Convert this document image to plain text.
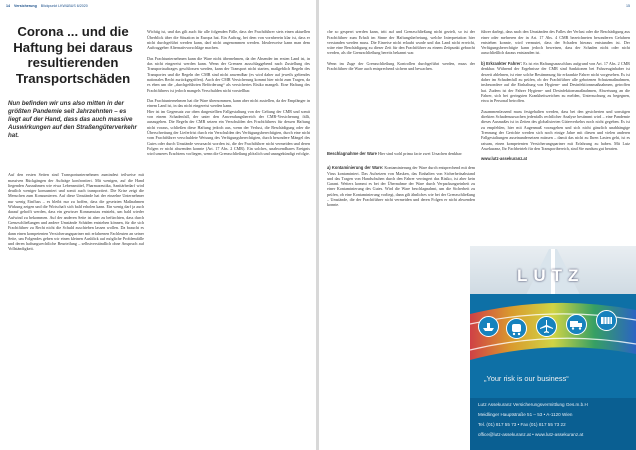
14 Versicherung Blickpunkt LKW&BUS 6/2020
Corona ... und die Haftung bei daraus resultierenden Transportschäden
Nun befinden wir uns also mitten in der größten Pandemie seit Jahrzehnten – es liegt auf der Hand, dass das auch massive Auswirkungen auf den Straßengüterverkehr hat.

Auf den ersten Seiten sind Transportunternehmen zumindest teilweise mit massiven Rückgängen der Aufträge konfrontiert. Mit wenigen, auf die Hand liegenden Ausnahmen wie etwa Lebensmittel, Pharmazeutika, Sanitärbedarf wird deutlich weniger konsumiert und somit auch transportiert. Die Krise zeigt die Menschen zum Konsumieren. Auf diese Umstände hat der einzelne Unternehmer nur wenig Einfluss – es bleibt nur zu hoffen, dass die gesetzten Maßnahmen Wirkung zeigen und die Wirtschaft sich bald erholen kann. Ein wenig darf ja auch darauf gehofft werden, dass ein gewisser Konsumstau entsteht, um bald wieder Aufwind zu bekommen. Auf der anderen Seite ist aber zu befürchten, dass durch Grenzschließungen und andere Umstände Schäden entstehen können, für die sich Frachtführer zu Recht nicht die Schuld zuschieben lassen wollen. Da braucht es dann einen kompetenten Versicherungspartner mit erfahrenen Fachleuten an seiner Seite, um Folgendes geben wir einen kleinen Ausblick auf mögliche Problemfälle und deren haftungsrechtliche Beurteilung – selbstverständlich ohne Anspruch auf Vollständigkeit.

Wichtig ist, und das gilt auch für alle folgenden Fälle, dass der Frachtführer stets einen aktuellen Überblick über die Situation in Europa hat. Ein Auftrag, bei dem von vornherein klar ist, dass er nicht durchgeführt werden kann, darf nicht angenommen werden. Idealerweise kann man dem Auftraggeber Alternativvorschläge machen.

Das Frachtunternehmen kann die Ware nicht übernehmen, da der Absender im ersten Land ist, in das nicht eingereist werden kann. Wenn der Grenzen ausschlaggebend nach Zustellung des Transportauftrages geschlossen werden, kann der Transport nicht starten, maßgeblich Regeln des Transportes und die Regeln der CMR sind nicht anwendbar (es wird daher auf jeweils geltendes nationales Recht zurückgegriffen). Auch der CMR Versicherung kommt hier nicht zum Tragen, da es eben um die „durchgeführten Beförderung“ als versichertes Risiko mangelt. Eine Haftung des Frachtführers ist jedoch mangels Verschulden nicht vorstellbar.

Das Frachtunternehmen hat die Ware übernommen, kann aber nicht zustellen, da der Empfänger in einem Land ist, in das nicht eingereist werden kann.
Hier ist im Gegensatz zur oben dargestellten Fallgestaltung von der Geltung der CMR und somit von einem Schadenfall, der unter den Anwendungsbereich der CMR-Versicherung fällt, auszugehen. Die Regeln der CMR setzen ein Verschulden des Frachtführers für dessen Haftung nicht voraus, schließen diese Haftung jedoch aus, wenn der Verlust, die Beschädigung oder die Überschreitung der Lieferfrist durch ein Verschulden des Verfügungsberechtigten, durch eine nicht vom Frachtführer verschuldete Weisung des Verfügungsberechtigten, durch besondere Mängel des Gutes oder durch Umstände verursacht worden ist, die der Frachtführer nicht vermeiden und deren Folgen er nicht abwenden konnte (Art. 17 Abs. 2 CMR). Ein solches, unabwendbares Ereignis wird unseres Erachtens vorliegen, wenn die Grenzschließung plötzlich und unangekündigt erfolgte.

15

che so gesperrt werden kann, tritt auf und Grenzschließung nicht gezielt, so ist der Frachtführer zum Erhalt im Sinne der Haftungsbefreiung, welche Interpretation hier verstanden werden muss. Die Einreise nicht erlaubt wurde und das Land nicht erreicht, wäre eine Beschädigung zu dieser Zeit für den Frachtführer zu einem Zeitpunkt gebracht werden, als die Grenzschließung bereits bekannt war.

Wenn im Zuge der Grenzschließung Kontrollen durchgeführt werden, muss der Frachtführer die Ware auch entsprechend sichern und bewachen.

Beschlagnahme der Ware Hier sind wohl prima facie zwei Ursachen denkbar:

a) Kontaminierung der Ware: Kontaminierung der Ware durch entsprechend mit dem Virus kontaminiert. Das Aufsetzen von Masken, das Einhalten von Sicherheitsabstand und das Tragen von Handschuhen durch den Fahrer verringert das Risiko, ist aber kein Garant. Weiters kommt es bei der Übernahme der Ware durch Verpackungseinheit zu einer Kontaminierung des Gutes. Wird die Ware beschlagnahmt, um die Sicherheit zu prüfen, ob eine Kontaminierung vorliegt, dann gilt ähnliches wie bei der Grenzschließung – Umstände, die der Frachtführer nicht vermeiden und deren Folgen er nicht abwenden konnte.

führer darlegt, dass nach den Umständen des Falles der Verlust oder die Beschädigung aus einer oder mehreren der in Art. 17 Abs. 4 CMR bezeichneten besonderen Gefahren entstehen konnte, wird vermutet, dass der Schaden hieraus entstanden ist. Der Verfügungsberechtigte kann jedoch beweisen, dass der Schaden nicht oder nicht ausschließlich daraus entstanden ist.

b) Erkrankter Fahrer: Es ist ein Haftungsausschluss aufgrund von Art. 17 Abs. 2 CMR denkbar. Während der Ergebnisse der CMR sind Sanktionen bei Fahrzeuginhaber ist derzeit ablehnen, ist eine solche Bestimmung für erkrankte Fahrer nicht vorgesehen. Es ist daher im Schadenfall zu prüfen, ob der Frachtführer alle gebotenen Schutzmaßnahmen, insbesondere auf die Einhaltung von Hygiene- und Desinfektionsmaßnahmen, getroffen hat. Zudem ist der Fahrer Hygiene- und Desinfektionsmaßnahmen, Abweisung an die Fahrer, sich bei geringsten Krankheitszeichen zu melden, Untersuchung zu begegnen, etwa in Personal betroffen.

Zusammenfassend muss festgehalten werden, dass bei den gesicherten und sonstigen direkten Schadensursachen jedenfalls rechtlicher Analyse bestimmt wird – eine Pandemie dieses Ausmaßes ist in Zeiten des globalisierten Güterverkehrs noch nicht gegeben. Es ist zu empfehlen, hier mit Augenmaß vorzugehen und sich nicht gänzlich unabhängige Trennung der Gerichte werden sich noch einige Jahre mit diesen und vielen anderen Fallgestaltungen auseinandersetzen müssen – damit das nicht zu Ihren Lasten geht, ist es ratsam, einen kompetenten Versicherungspartner mit Erfahrung zu haben. Mit Lutz Assekuranz, Ihr Fachbetrieb für den Transportbereich, sind Sie rundum gut beraten.

www.lutz-assekuranz.at

LUTZ
„Your risk is our business“
Lutz Assekuranz Versicherungsvermittlung Ges.m.b.H
Meidlinger Hauptstraße 51 – 53 • A-1120 Wien
Tel. (01) 817 55 73 • Fax (01) 817 55 73 22
office@lutz-assekuranz.at • www.lutz-assekuranz.at
